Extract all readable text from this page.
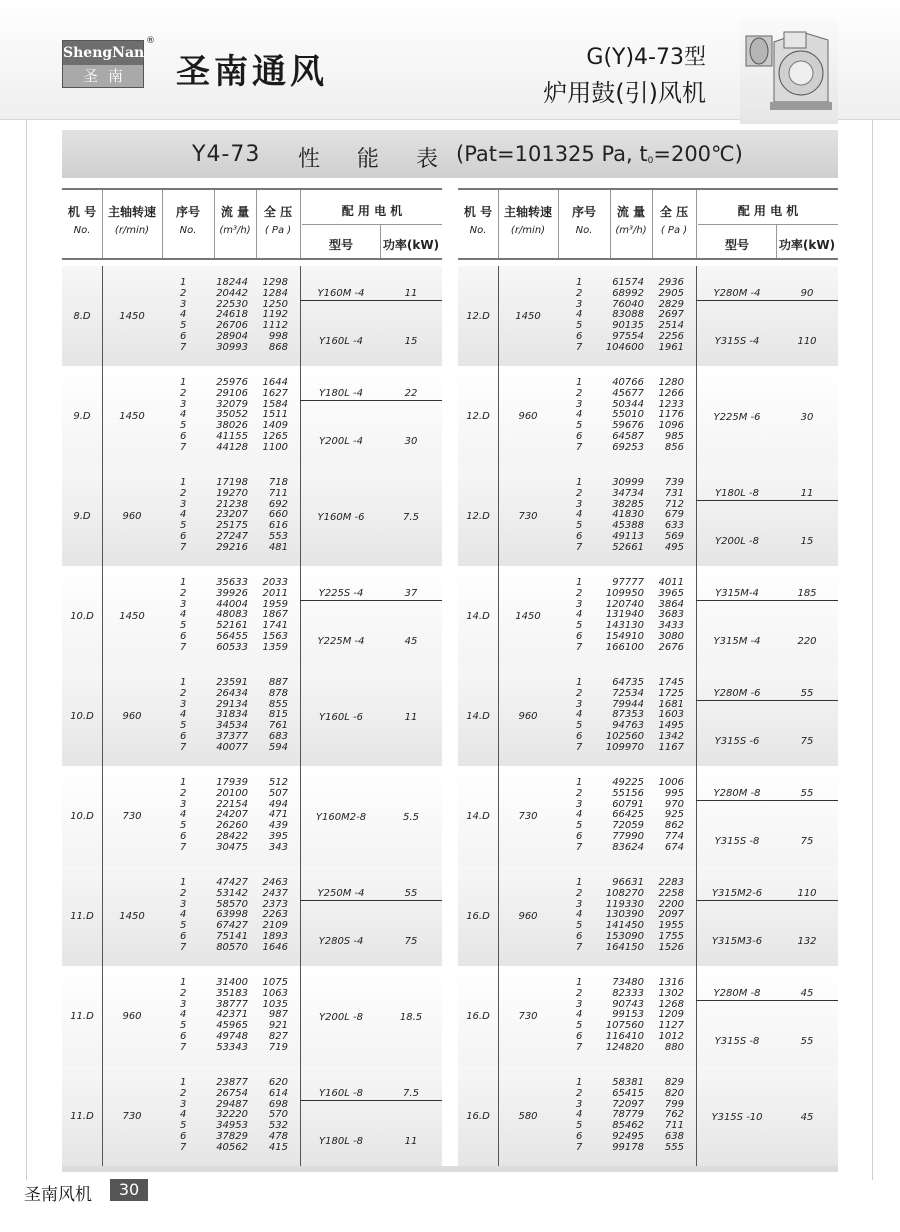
ShengNan
圣南
®
圣南通风	G(Y)4-73型
炉用鼓(引)风机
Y4-73 性 能 表 (Pat=101325 Pa, $t_0=200℃$)
机 号
No.
主轴转速
(r/min)
序号
No.
流 量
(m³/h)
全 压
( Pa )
配 用 电 机
型号	功率(kW)
8.D	1450
1	18244	1298
2	20442	1284
3	22530	1250
4	24618	1192
5	26706	1112
6	28904	998
7	30993	868
Y160M -4	11
Y160L -4	15
9.D	1450
1	25976	1644
2	29106	1627
3	32079	1584
4	35052	1511
5	38026	1409
6	41155	1265
7	44128	1100
Y180L -4	22
Y200L -4	30
9.D	960
1	17198	718
2	19270	711
3	21238	692
4	23207	660
5	25175	616
6	27247	553
7	29216	481
Y160M -6	7.5
10.D	1450
1	35633	2033
2	39926	2011
3	44004	1959
4	48083	1867
5	52161	1741
6	56455	1563
7	60533	1359
Y225S -4	37
Y225M -4	45
10.D	960
1	23591	887
2	26434	878
3	29134	855
4	31834	815
5	34534	761
6	37377	683
7	40077	594
Y160L -6	11
10.D	730
1	17939	512
2	20100	507
3	22154	494
4	24207	471
5	26260	439
6	28422	395
7	30475	343
Y160M2-8	5.5
11.D	1450
1	47427	2463
2	53142	2437
3	58570	2373
4	63998	2263
5	67427	2109
6	75141	1893
7	80570	1646
Y250M -4	55
Y280S -4	75
11.D	960
1	31400	1075
2	35183	1063
3	38777	1035
4	42371	987
5	45965	921
6	49748	827
7	53343	719
Y200L -8	18.5
11.D	730
1	23877	620
2	26754	614
3	29487	698
4	32220	570
5	34953	532
6	37829	478
7	40562	415
Y160L -8	7.5
Y180L -8	11
机 号
No.
主轴转速
(r/min)
序号
No.
流 量
(m³/h)
全 压
( Pa )
配 用 电 机
型号	功率(kW)
12.D	1450
1	61574	2936
2	68992	2905
3	76040	2829
4	83088	2697
5	90135	2514
6	97554	2256
7	104600	1961
Y280M -4	90
Y315S -4	110
12.D	960
1	40766	1280
2	45677	1266
3	50344	1233
4	55010	1176
5	59676	1096
6	64587	985
7	69253	856
Y225M -6	30
12.D	730
1	30999	739
2	34734	731
3	38285	712
4	41830	679
5	45388	633
6	49113	569
7	52661	495
Y180L -8	11
Y200L -8	15
14.D	1450
1	97777	4011
2	109950	3965
3	120740	3864
4	131940	3683
5	143130	3433
6	154910	3080
7	166100	2676
Y315M-4	185
Y315M -4	220
14.D	960
1	64735	1745
2	72534	1725
3	79944	1681
4	87353	1603
5	94763	1495
6	102560	1342
7	109970	1167
Y280M -6	55
Y315S -6	75
14.D	730
1	49225	1006
2	55156	995
3	60791	970
4	66425	925
5	72059	862
6	77990	774
7	83624	674
Y280M -8	55
Y315S -8	75
16.D	960
1	96631	2283
2	108270	2258
3	119330	2200
4	130390	2097
5	141450	1955
6	153090	1755
7	164150	1526
Y315M2-6	110
Y315M3-6	132
16.D	730
1	73480	1316
2	82333	1302
3	90743	1268
4	99153	1209
5	107560	1127
6	116410	1012
7	124820	880
Y280M -8	45
Y315S -8	55
16.D	580
1	58381	829
2	65415	820
3	72097	799
4	78779	762
5	85462	711
6	92495	638
7	99178	555
Y315S -10	45
圣南风机	30
